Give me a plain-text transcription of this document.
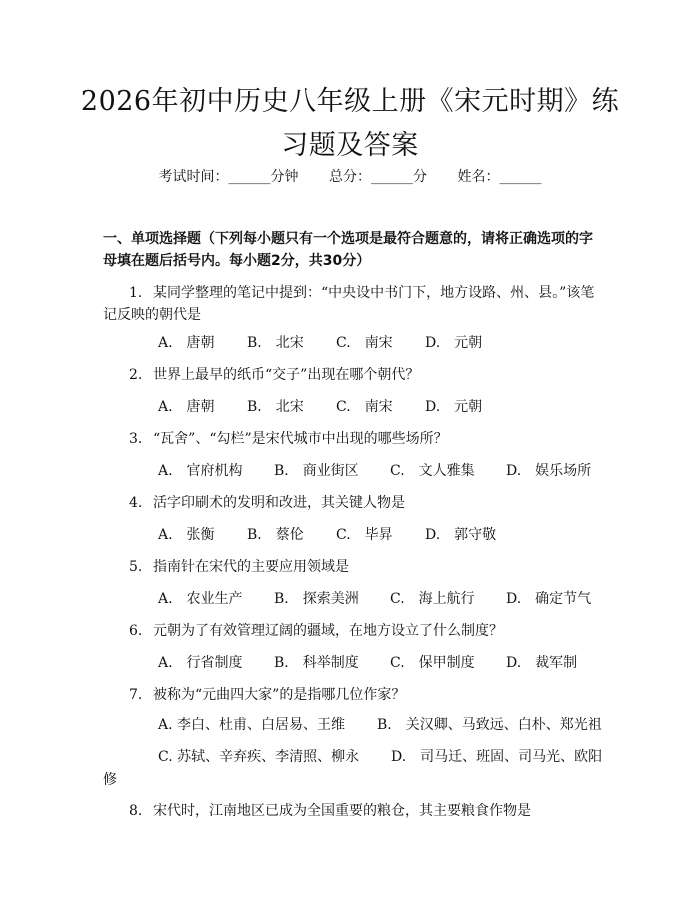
2026年初中历史八年级上册《宋元时期》练习题及答案
考试时间：______分钟 总分：______分 姓名：______
一、单项选择题（下列每小题只有一个选项是最符合题意的，请将正确选项的字母填在题后括号内。每小题2分，共30分）
1. 某同学整理的笔记中提到：“中央设中书门下，地方设路、州、县。”该笔记反映的朝代是
A.　唐朝 B.　北宋 C.　南宋 D.　元朝
2. 世界上最早的纸币“交子”出现在哪个朝代？
A.　唐朝 B.　北宋 C.　南宋 D.　元朝
3. “瓦舍”、“勾栏”是宋代城市中出现的哪些场所？
A.　官府机构 B.　商业街区 C.　文人雅集 D.　娱乐场所
4. 活字印刷术的发明和改进，其关键人物是
A.　张衡 B.　蔡伦 C.　毕昇 D.　郭守敬
5. 指南针在宋代的主要应用领域是
A.　农业生产 B.　探索美洲 C.　海上航行 D.　确定节气
6. 元朝为了有效管理辽阔的疆域，在地方设立了什么制度？
A.　行省制度 B.　科举制度 C.　保甲制度 D.　裁军制
7. 被称为“元曲四大家”的是指哪几位作家？
A. 李白、杜甫、白居易、王维 B.　关汉卿、马致远、白朴、郑光祖
C. 苏轼、辛弃疾、李清照、柳永 D.　司马迁、班固、司马光、欧阳
修
8. 宋代时，江南地区已成为全国重要的粮仓，其主要粮食作物是
